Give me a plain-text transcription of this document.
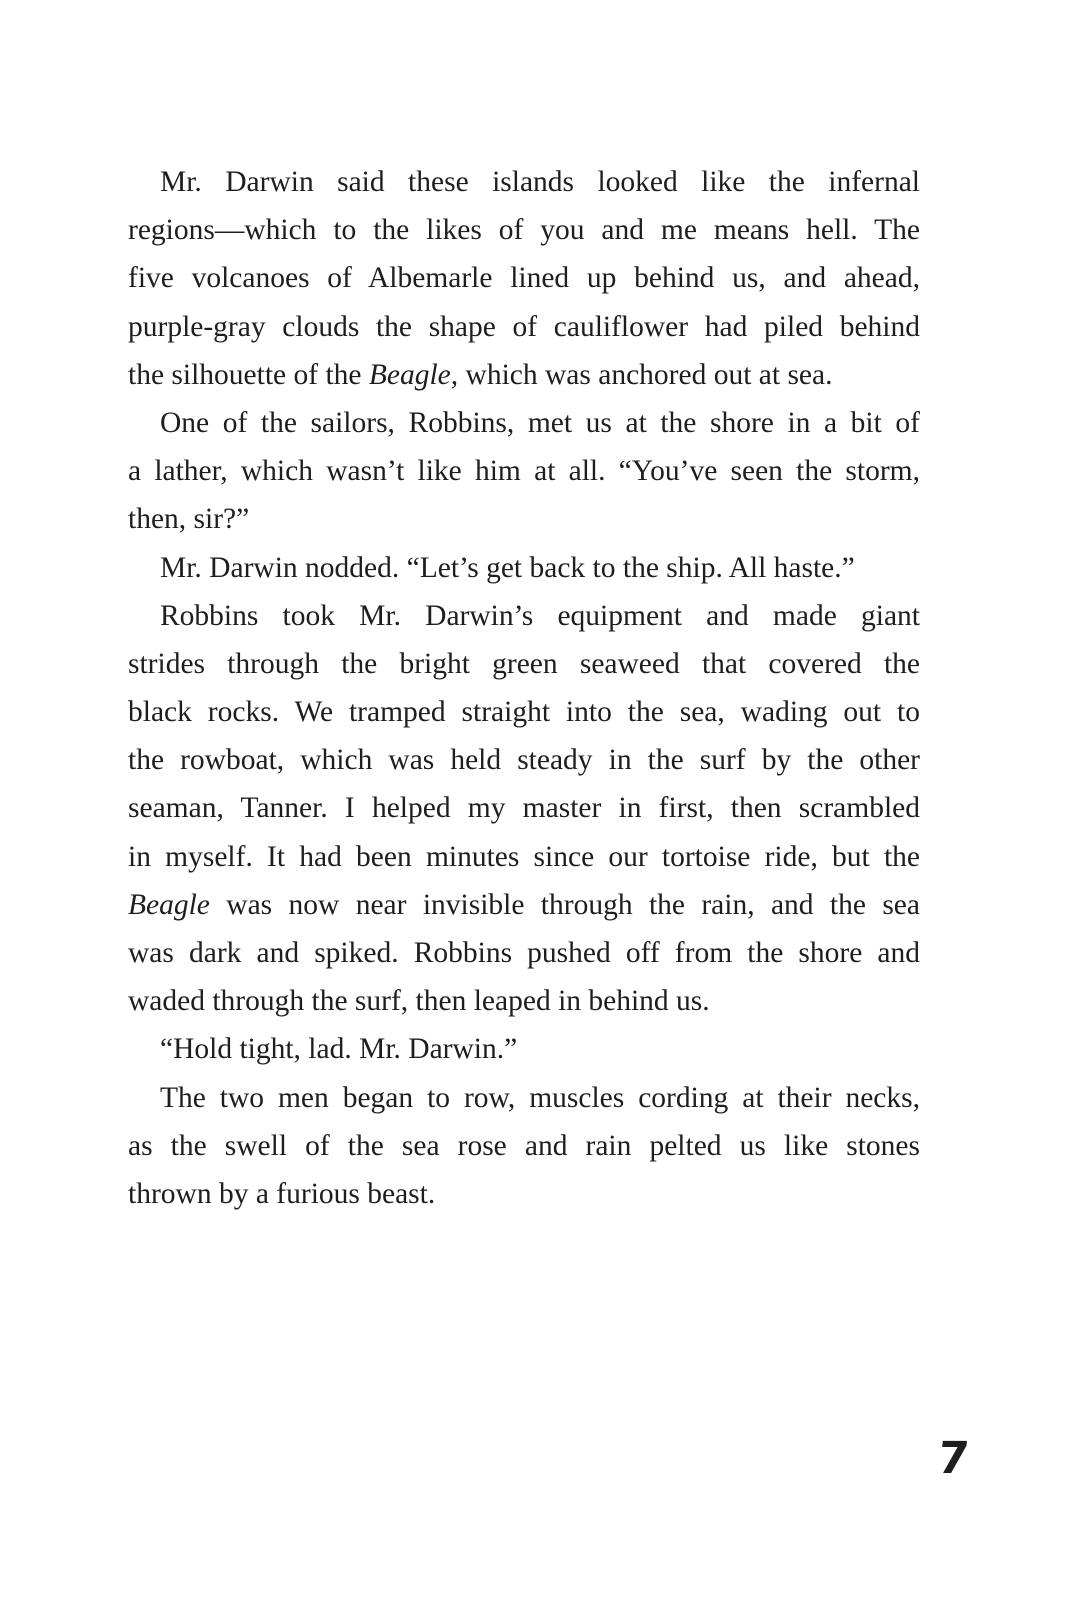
Mr. Darwin said these islands looked like the infernal
regions—which to the likes of you and me means hell. The
five volcanoes of Albemarle lined up behind us, and ahead,
purple-gray clouds the shape of cauliflower had piled behind
the silhouette of the Beagle, which was anchored out at sea.
One of the sailors, Robbins, met us at the shore in a bit of
a lather, which wasn’t like him at all. “You’ve seen the storm,
then, sir?”
Mr. Darwin nodded. “Let’s get back to the ship. All haste.”
Robbins took Mr. Darwin’s equipment and made giant
strides through the bright green seaweed that covered the
black rocks. We tramped straight into the sea, wading out to
the rowboat, which was held steady in the surf by the other
seaman, Tanner. I helped my master in first, then scrambled
in myself. It had been minutes since our tortoise ride, but the
Beagle was now near invisible through the rain, and the sea
was dark and spiked. Robbins pushed off from the shore and
waded through the surf, then leaped in behind us.
“Hold tight, lad. Mr. Darwin.”
The two men began to row, muscles cording at their necks,
as the swell of the sea rose and rain pelted us like stones
thrown by a furious beast.
7
